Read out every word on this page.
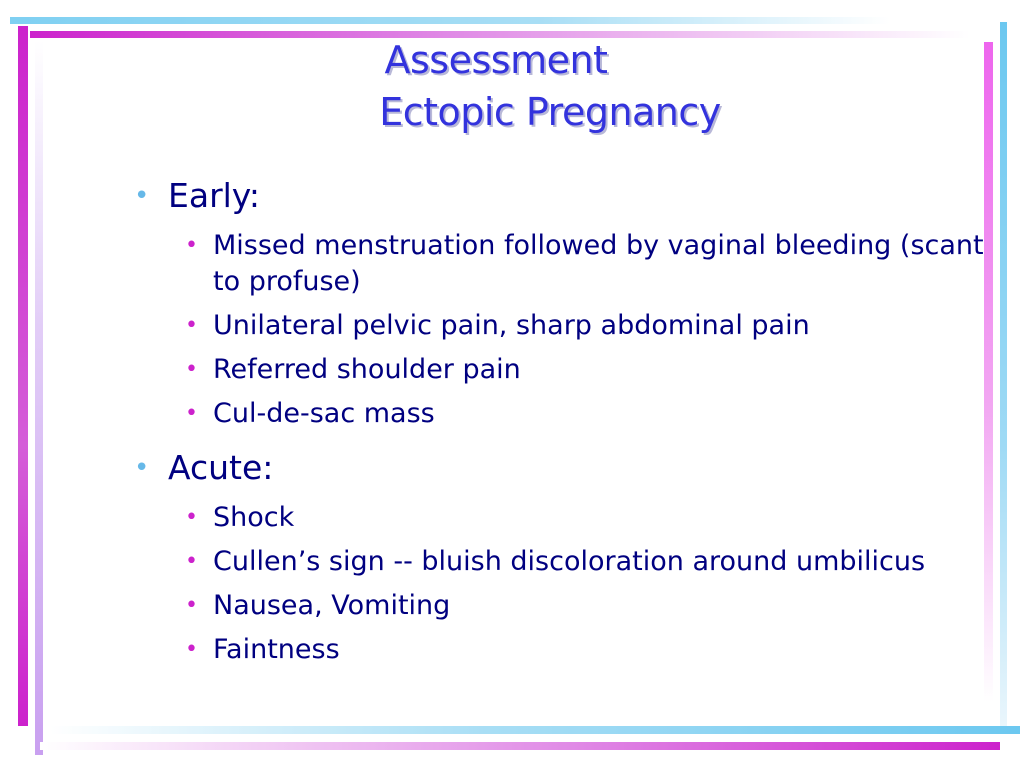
Assessment
Ectopic Pregnancy
• Early:
• Missed menstruation followed by vaginal bleeding (scant to profuse)
• Unilateral pelvic pain, sharp abdominal pain
• Referred shoulder pain
• Cul-de-sac mass
• Acute:
• Shock
• Cullen’s sign -- bluish discoloration around umbilicus
• Nausea, Vomiting
• Faintness
